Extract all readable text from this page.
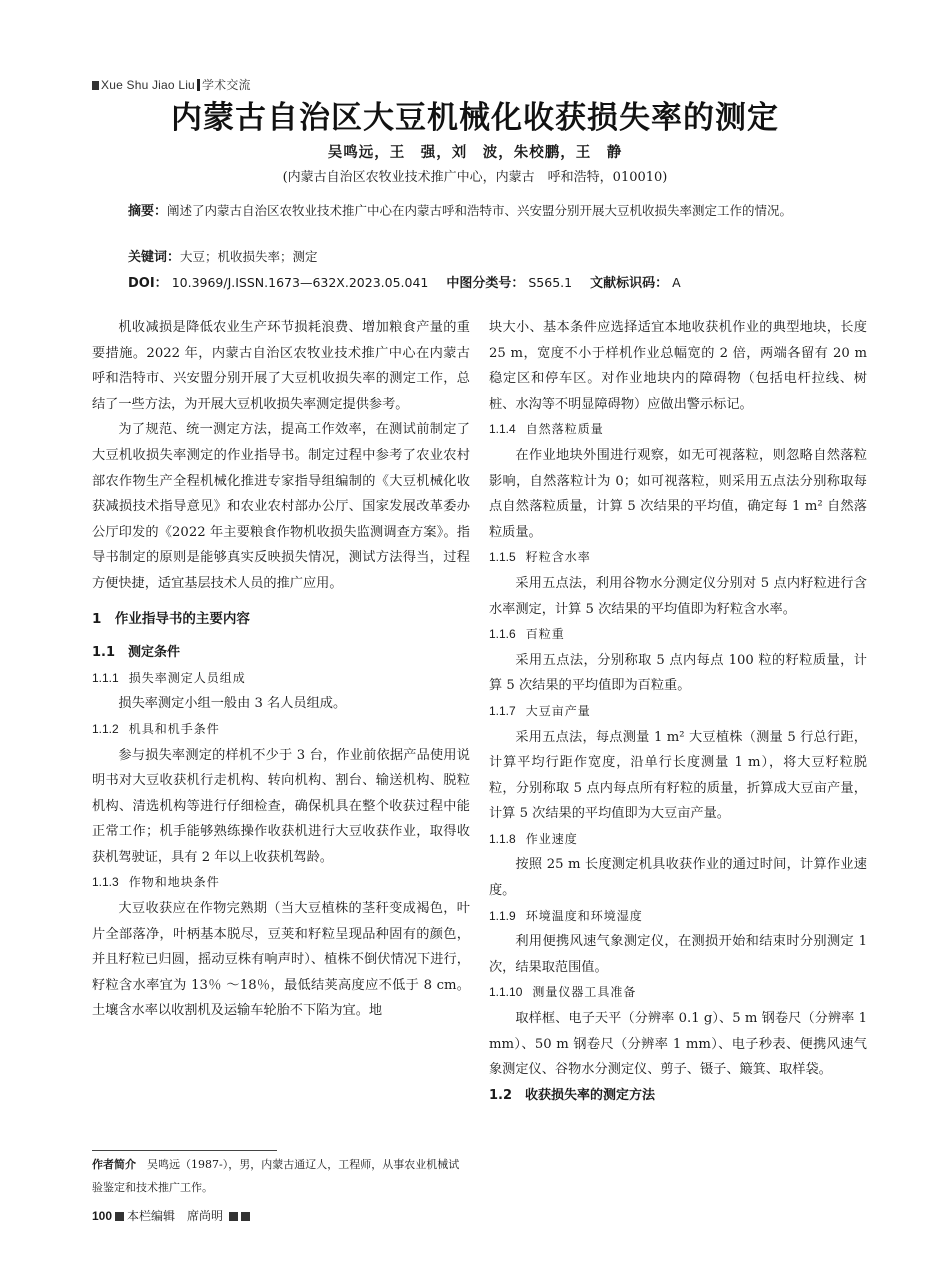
Xue Shu Jiao Liu 学术交流
内蒙古自治区大豆机械化收获损失率的测定
吴鸣远，王　强，刘　波，朱校鹏，王　静
(内蒙古自治区农牧业技术推广中心，内蒙古　呼和浩特，010010)
摘要：阐述了内蒙古自治区农牧业技术推广中心在内蒙古呼和浩特市、兴安盟分别开展大豆机收损失率测定工作的情况。
关键词：大豆；机收损失率；测定
DOI： 10.3969/J.ISSN.1673—632X.2023.05.041 中图分类号： S565.1 文献标识码： A

机收减损是降低农业生产环节损耗浪费、增加粮食产量的重要措施。2022 年，内蒙古自治区农牧业技术推广中心在内蒙古呼和浩特市、兴安盟分别开展了大豆机收损失率的测定工作，总结了一些方法，为开展大豆机收损失率测定提供参考。

为了规范、统一测定方法，提高工作效率，在测试前制定了大豆机收损失率测定的作业指导书。制定过程中参考了农业农村部农作物生产全程机械化推进专家指导组编制的《大豆机械化收获减损技术指导意见》和农业农村部办公厅、国家发展改革委办公厅印发的《2022 年主要粮食作物机收损失监测调查方案》。指导书制定的原则是能够真实反映损失情况，测试方法得当，过程方便快捷，适宜基层技术人员的推广应用。

1　作业指导书的主要内容
1.1　测定条件
1.1.1 损失率测定人员组成

损失率测定小组一般由 3 名人员组成。

1.1.2 机具和机手条件

参与损失率测定的样机不少于 3 台，作业前依据产品使用说明书对大豆收获机行走机构、转向机构、割台、输送机构、脱粒机构、清选机构等进行仔细检查，确保机具在整个收获过程中能正常工作；机手能够熟练操作收获机进行大豆收获作业，取得收获机驾驶证，具有 2 年以上收获机驾龄。

1.1.3 作物和地块条件

大豆收获应在作物完熟期（当大豆植株的茎秆变成褐色，叶片全部落净，叶柄基本脱尽，豆荚和籽粒呈现品种固有的颜色，并且籽粒已归圆，摇动豆株有响声时）、植株不倒伏情况下进行，籽粒含水率宜为 13％ ～18％，最低结荚高度应不低于 8 cm。土壤含水率以收割机及运输车轮胎不下陷为宜。地

块大小、基本条件应选择适宜本地收获机作业的典型地块，长度 25 m，宽度不小于样机作业总幅宽的 2 倍，两端各留有 20 m 稳定区和停车区。对作业地块内的障碍物（包括电杆拉线、树桩、水沟等不明显障碍物）应做出警示标记。

1.1.4 自然落粒质量

在作业地块外围进行观察，如无可视落粒，则忽略自然落粒影响，自然落粒计为 0；如可视落粒，则采用五点法分别称取每点自然落粒质量，计算 5 次结果的平均值，确定每 1 m² 自然落粒质量。

1.1.5 籽粒含水率

采用五点法，利用谷物水分测定仪分别对 5 点内籽粒进行含水率测定，计算 5 次结果的平均值即为籽粒含水率。

1.1.6 百粒重

采用五点法，分别称取 5 点内每点 100 粒的籽粒质量，计算 5 次结果的平均值即为百粒重。

1.1.7 大豆亩产量

采用五点法，每点测量 1 m² 大豆植株（测量 5 行总行距，计算平均行距作宽度，沿单行长度测量 1 m），将大豆籽粒脱粒，分别称取 5 点内每点所有籽粒的质量，折算成大豆亩产量，计算 5 次结果的平均值即为大豆亩产量。

1.1.8 作业速度

按照 25 m 长度测定机具收获作业的通过时间，计算作业速度。

1.1.9 环境温度和环境湿度

利用便携风速气象测定仪，在测损开始和结束时分别测定 1 次，结果取范围值。

1.1.10 测量仪器工具准备

取样框、电子天平（分辨率 0.1 g）、5 m 钢卷尺（分辨率 1 mm）、50 m 钢卷尺（分辨率 1 mm）、电子秒表、便携风速气象测定仪、谷物水分测定仪、剪子、镊子、簸箕、取样袋。

1.2　收获损失率的测定方法
作者简介　吴鸣远（1987-），男，内蒙古通辽人，工程师，从事农业机械试验鉴定和技术推广工作。
100 本栏编辑　席尚明
